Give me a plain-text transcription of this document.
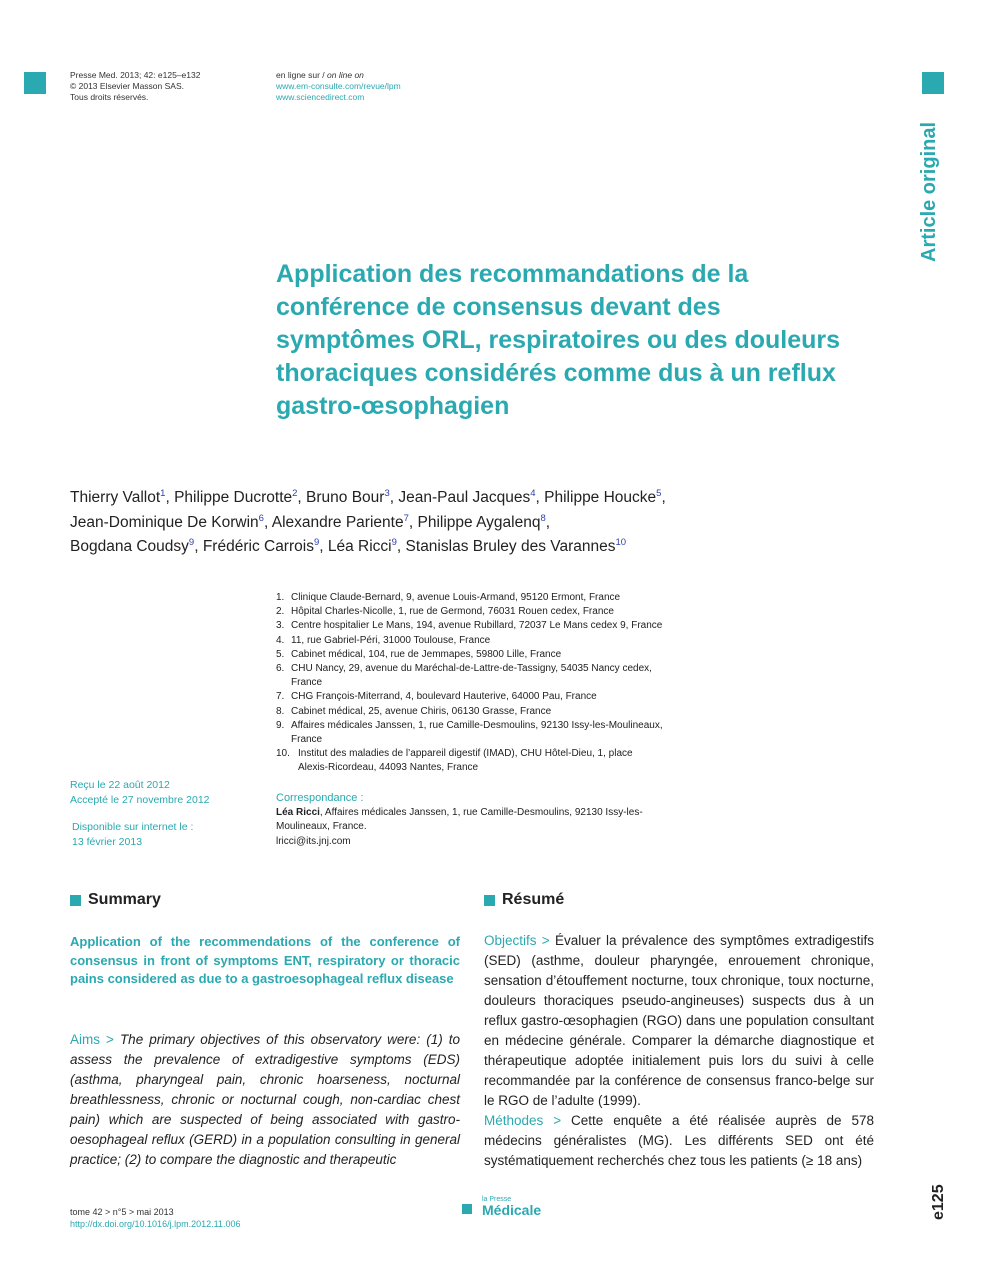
Presse Med. 2013; 42: e125–e132
© 2013 Elsevier Masson SAS.
Tous droits réservés.
en ligne sur / on line on
www.em-consulte.com/revue/lpm
www.sciencedirect.com
Article original
Application des recommandations de la
conférence de consensus devant des
symptômes ORL, respiratoires ou des douleurs
thoraciques considérés comme dus à un reflux
gastro-œsophagien
Thierry Vallot$^1$, Philippe Ducrotte$^2$, Bruno Bour$^3$, Jean-Paul Jacques$^4$, Philippe Houcke$^5$,
Jean-Dominique De Korwin$^6$, Alexandre Pariente$^7$, Philippe Aygalenq$^8$,
Bogdana Coudsy$^9$, Frédéric Carrois$^9$, Léa Ricci$^9$, Stanislas Bruley des Varannes$^{10}$
1. Clinique Claude-Bernard, 9, avenue Louis-Armand, 95120 Ermont, France
2. Hôpital Charles-Nicolle, 1, rue de Germond, 76031 Rouen cedex, France
3. Centre hospitalier Le Mans, 194, avenue Rubillard, 72037 Le Mans cedex 9, France
4. 11, rue Gabriel-Péri, 31000 Toulouse, France
5. Cabinet médical, 104, rue de Jemmapes, 59800 Lille, France
6. CHU Nancy, 29, avenue du Maréchal-de-Lattre-de-Tassigny, 54035 Nancy cedex,
France
7. CHG François-Miterrand, 4, boulevard Hauterive, 64000 Pau, France
8. Cabinet médical, 25, avenue Chiris, 06130 Grasse, France
9. Affaires médicales Janssen, 1, rue Camille-Desmoulins, 92130 Issy-les-Moulineaux,
France
10. Institut des maladies de l’appareil digestif (IMAD), CHU Hôtel-Dieu, 1, place
Alexis-Ricordeau, 44093 Nantes, France
Reçu le 22 août 2012
Accepté le 27 novembre 2012
Disponible sur internet le :
13 février 2013
Correspondance :
Léa Ricci, Affaires médicales Janssen, 1, rue Camille-Desmoulins, 92130 Issy-les-
Moulineaux, France.
lricci@its.jnj.com
Summary	Résumé
Application of the recommendations of the conference of consensus in front of symptoms ENT, respiratory or thoracic pains considered as due to a gastroesophageal reflux disease

Aims > The primary objectives of this observatory were: (1) to assess the prevalence of extradigestive symptoms (EDS) (asthma, pharyngeal pain, chronic hoarseness, nocturnal breathlessness, chronic or nocturnal cough, non-cardiac chest pain) which are suspected of being associated with gastro-oesophageal reflux (GERD) in a population consulting in general practice; (2) to compare the diagnostic and therapeutic

Objectifs > Évaluer la prévalence des symptômes extradigestifs (SED) (asthme, douleur pharyngée, enrouement chronique, sensation d’étouffement nocturne, toux chronique, toux nocturne, douleurs thoraciques pseudo-angineuses) suspects dus à un reflux gastro-œsophagien (RGO) dans une population consultant en médecine générale. Comparer la démarche diagnostique et thérapeutique adoptée initialement puis lors du suivi à celle recommandée par la conférence de consensus franco-belge sur le RGO de l’adulte (1999).

Méthodes > Cette enquête a été réalisée auprès de 578 médecins généralistes (MG). Les différents SED ont été systématiquement recherchés chez tous les patients (≥ 18 ans)

tome 42 > n°5 > mai 2013
http://dx.doi.org/10.1016/j.lpm.2012.11.006
la Presse
Médicale	e125
